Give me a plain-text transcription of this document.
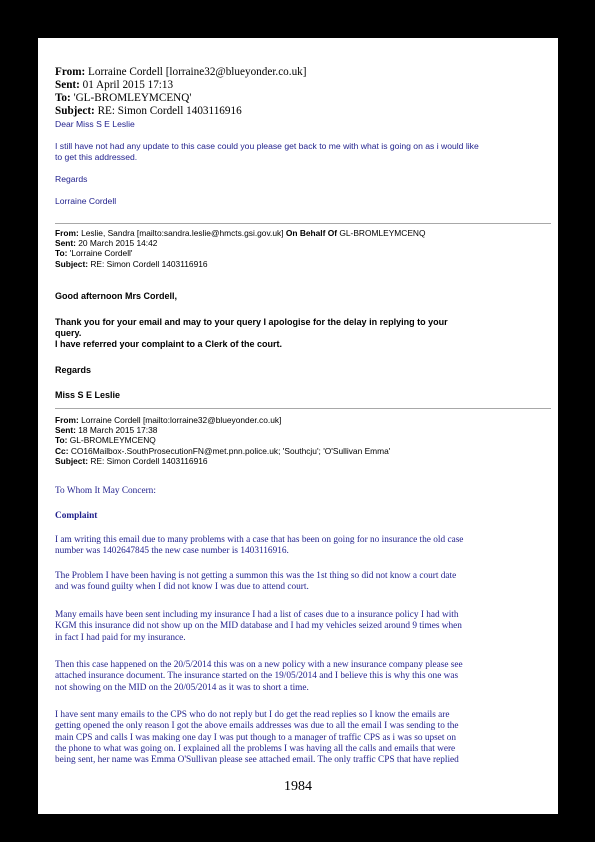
From: Lorraine Cordell [lorraine32@blueyonder.co.uk]
Sent: 01 April 2015 17:13
To: 'GL-BROMLEYMCENQ'
Subject: RE: Simon Cordell 1403116916
Dear Miss S E Leslie
I still have not had any update to this case could you please get back to me with what is going on as i would like
to get this addressed.
Regards
Lorraine Cordell
From: Leslie, Sandra [mailto:sandra.leslie@hmcts.gsi.gov.uk] On Behalf Of GL-BROMLEYMCENQ
Sent: 20 March 2015 14:42
To: 'Lorraine Cordell'
Subject: RE: Simon Cordell 1403116916
Good afternoon Mrs Cordell,
Thank you for your email and may to your query I apologise for the delay in replying to your
query.
I have referred your complaint to a Clerk of the court.
Regards
Miss S E Leslie
From: Lorraine Cordell [mailto:lorraine32@blueyonder.co.uk]
Sent: 18 March 2015 17:38
To: GL-BROMLEYMCENQ
Cc: CO16Mailbox-.SouthProsecutionFN@met.pnn.police.uk; 'Southcju'; 'O'Sullivan Emma'
Subject: RE: Simon Cordell 1403116916
To Whom It May Concern:
Complaint
I am writing this email due to many problems with a case that has been on going for no insurance the old case
number was 1402647845 the new case number is 1403116916.
The Problem I have been having is not getting a summon this was the 1st thing so did not know a court date
and was found guilty when I did not know I was due to attend court.
Many emails have been sent including my insurance I had a list of cases due to a insurance policy I had with
KGM this insurance did not show up on the MID database and I had my vehicles seized around 9 times when
in fact I had paid for my insurance.
Then this case happened on the 20/5/2014 this was on a new policy with a new insurance company please see
attached insurance document. The insurance started on the 19/05/2014 and I believe this is why this one was
not showing on the MID on the 20/05/2014 as it was to short a time.
I have sent many emails to the CPS who do not reply but I do get the read replies so I know the emails are
getting opened the only reason I got the above emails addresses was due to all the email I was sending to the
main CPS and calls I was making one day I was put though to a manager of traffic CPS as i was so upset on
the phone to what was going on. I explained all the problems I was having all the calls and emails that were
being sent, her name was Emma O'Sullivan please see attached email. The only traffic CPS that have replied
1984
